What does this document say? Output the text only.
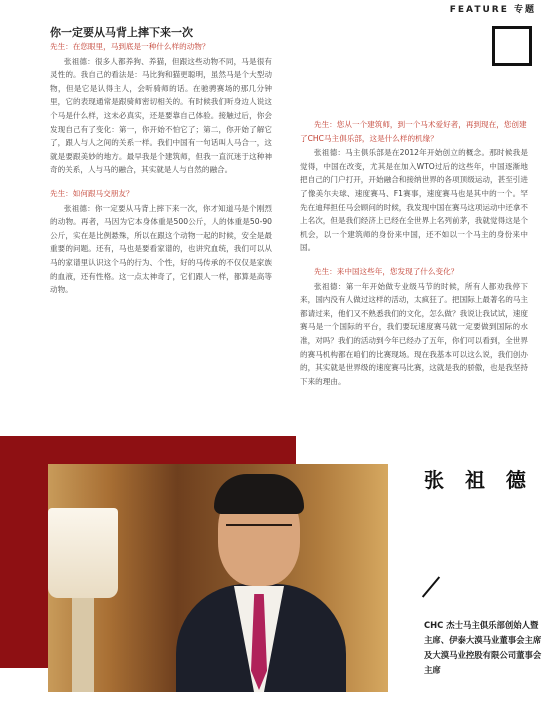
FEATURE 专题
你一定要从马背上摔下来一次

先生：在您眼里，马到底是一种什么样的动物？

张祖德：很多人都养狗、养猫，但跟这些动物不同，马是很有灵性的。我自己的看法是：马比狗和猫更聪明，虽然马是个大型动物，但是它是认得主人，会听骑师的话。在驰骋赛场的那几分钟里，它的表现通常是跟骑师密切相关的。有时候我们听身边人说这个马是什么样，这未必真实，还是要靠自己体验。接触过后，你会发现自己有了变化：第一，你开始不怕它了；第二，你开始了解它了，跟人与人之间的关系一样。我们中国有一句话叫人马合一，这就是要跟美妙的地方。最早我是个建筑师，但我一直沉迷于这种神奇的关系，人与马的融合，其实就是人与自然的融合。

先生：如何跟马交朋友？

张祖德：你一定要从马背上摔下来一次，你才知道马是个刚烈的动物。再者，马因为它本身体重是500公斤，人的体重是50-90公斤，实在是比例悬殊，所以在跟这个动物一起的时候，安全是最重要的问题。还有，马也是要看家谱的，也讲究血统，我们可以从马的家谱里认识这个马的行为、个性，好的马传承的不仅仅是家族的血液，还有性格。这一点太神奇了，它们跟人一样，都算是高等动物。

先生：您从一个建筑师，到一个马术爱好者，再到现在，您创建了CHC马主俱乐部，这是什么样的机缘？

张祖德：马主俱乐部是在2012年开始创立的概念。那时候我是觉得，中国在改变，尤其是在加入WTO过后的这些年，中国逐渐地把自己的门户打开，开始融合和接纳世界的各项顶级运动，甚至引进了像美尔夫球、速度赛马、F1赛事，速度赛马也是其中的一个。罕先在迪拜担任马会顾问的时候，我发现中国在赛马这项运动中还拿不上名次，但是我们经济上已经在全世界上名列前茅，我就觉得这是个机会，以一个建筑师的身份来中国，还不如以一个马主的身份来中国。

先生：来中国这些年，您发现了什么变化？

张祖德：第一年开始做专业级马节的时候，所有人都劝我停下来，国内没有人做过这样的活动，太疯狂了。把国际上最著名的马主都请过来，他们又不熟悉我们的文化，怎么做？我说让我试试，速度赛马是一个国际的平台，我们要玩速度赛马就一定要做到国际的水准，对吗？我们的活动到今年已经办了五年，你们可以看到，全世界的赛马机构都在咱们的比赛现场。现在我基本可以这么说，我们创办的，其实就是世界级的速度赛马比赛，这就是我的骄傲，也是我坚持下来的理由。

张 祖 德
CHC 杰士马主俱乐部创始人暨主席、伊泰大漠马业董事会主席及大漠马业控股有限公司董事会主席
